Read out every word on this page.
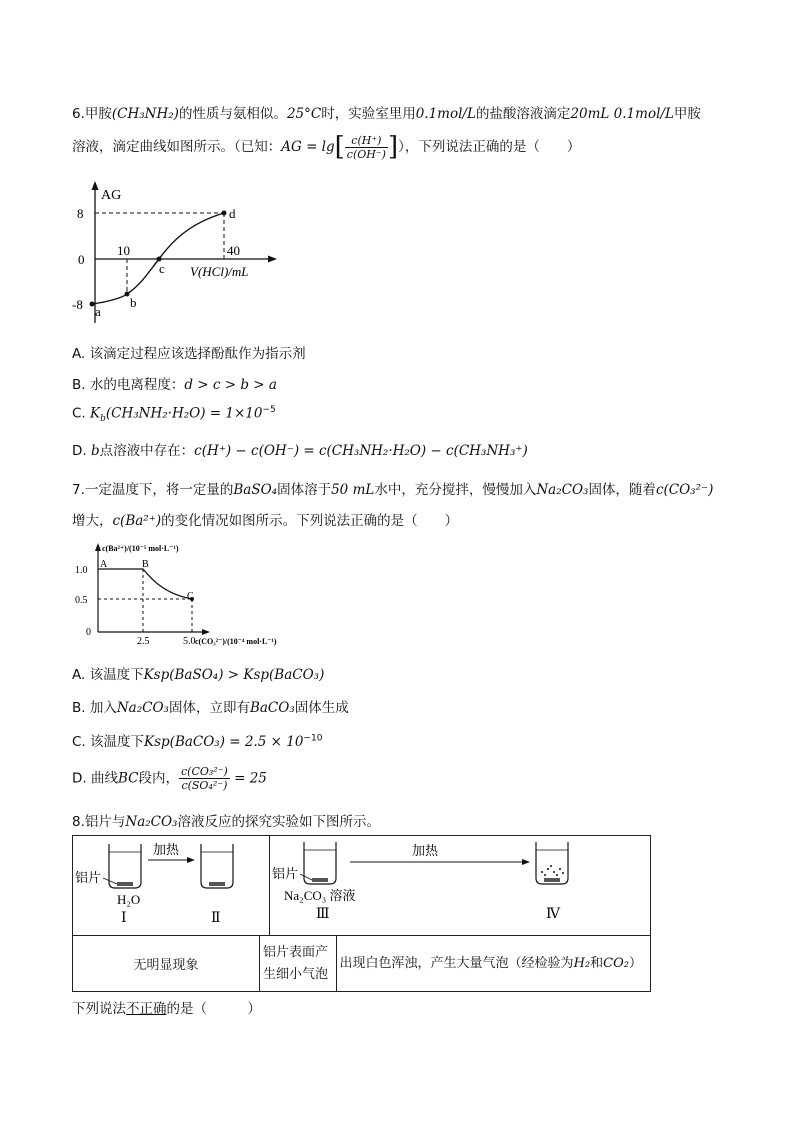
6.甲胺(CH₃NH₂)的性质与氨相似。25°C时，实验室里用0.1mol/L的盐酸溶液滴定20mL 0.1mol/L甲胺
溶液，滴定曲线如图所示。（已知：AG = $\lg[ \frac{c(H^+)}{c(OH^-)}$ ]），下列说法正确的是（　　）
AG
V(HCl)/mL
8
0
-8
10	40
a
b
c
d
A. 该滴定过程应该选择酚酞作为指示剂
B. 水的电离程度：d > c > b > a
C. $K_b(CH_3NH_2\cdot H_2O) = 1\times 10^{-5}$
D. b点溶液中存在：c(H⁺) − c(OH⁻) = c(CH₃NH₂·H₂O) − c(CH₃NH₃⁺)
7.一定温度下，将一定量的BaSO₄固体溶于50 mL水中，充分搅拌，慢慢加入Na₂CO₃固体，随着c(CO₃²⁻)
增大，c(Ba²⁺)的变化情况如图所示。下列说法正确的是（　　）
c(Ba²⁺)/(10⁻⁵ mol·L⁻¹)
c(CO₃²⁻)/(10⁻⁴ mol·L⁻¹)
1.0
0.5
0
2.5	5.0
A	B
C
A. 该温度下Ksp(BaSO₄) > Ksp(BaCO₃)
B. 加入Na₂CO₃固体，立即有BaCO₃固体生成
C. 该温度下Ksp(BaCO₃) = $2.5 \times 10^{-10}$
D. 曲线BC段内， $\frac{\text{c(CO₃²⁻)}}{\text{c(SO₄²⁻)}} = 25$
8.铝片与Na₂CO₃溶液反应的探究实验如下图所示。
铝片
H₂O
Ⅰ
加热
Ⅱ		铝片
Na₂CO₃ 溶液
Ⅲ
加热
Ⅳ	

无明显现象	铝片表面产生细小气泡		出现白色浑浊，产生大量气泡（经检验为H₂和CO₂）
下列说法不正确的是（　　　）
